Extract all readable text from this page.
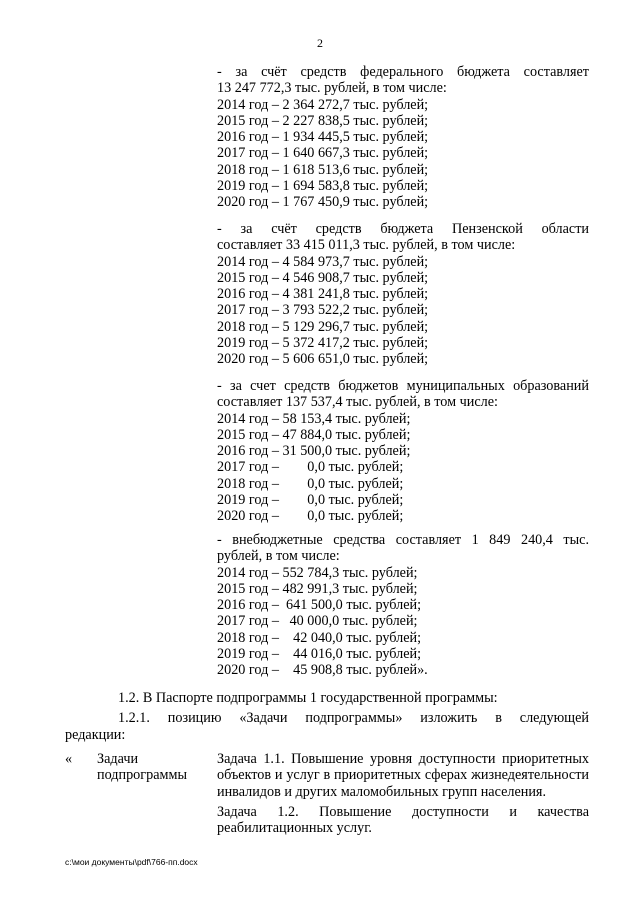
2
- за счёт средств федерального бюджета составляет
13 247 772,3 тыс. рублей, в том числе:
2014 год – 2 364 272,7 тыс. рублей;
2015 год – 2 227 838,5 тыс. рублей;
2016 год – 1 934 445,5 тыс. рублей;
2017 год – 1 640 667,3 тыс. рублей;
2018 год – 1 618 513,6 тыс. рублей;
2019 год – 1 694 583,8 тыс. рублей;
2020 год – 1 767 450,9 тыс. рублей;
- за счёт средств бюджета Пензенской области
составляет 33 415 011,3 тыс. рублей, в том числе:
2014 год – 4 584 973,7 тыс. рублей;
2015 год – 4 546 908,7 тыс. рублей;
2016 год – 4 381 241,8 тыс. рублей;
2017 год – 3 793 522,2 тыс. рублей;
2018 год – 5 129 296,7 тыс. рублей;
2019 год – 5 372 417,2 тыс. рублей;
2020 год – 5 606 651,0 тыс. рублей;
- за счет средств бюджетов муниципальных образований
составляет 137 537,4 тыс. рублей, в том числе:
2014 год – 58 153,4 тыс. рублей;
2015 год – 47 884,0 тыс. рублей;
2016 год – 31 500,0 тыс. рублей;
2017 год –        0,0 тыс. рублей;
2018 год –        0,0 тыс. рублей;
2019 год –        0,0 тыс. рублей;
2020 год –        0,0 тыс. рублей;
- внебюджетные средства составляет 1 849 240,4 тыс.
рублей, в том числе:
2014 год – 552 784,3 тыс. рублей;
2015 год – 482 991,3 тыс. рублей;
2016 год –  641 500,0 тыс. рублей;
2017 год –   40 000,0 тыс. рублей;
2018 год –    42 040,0 тыс. рублей;
2019 год –    44 016,0 тыс. рублей;
2020 год –    45 908,8 тыс. рублей».
1.2. В Паспорте подпрограммы 1 государственной программы:
1.2.1. позицию «Задачи подпрограммы» изложить в следующей
редакции:
« Задачи
подпрограммы

Задача 1.1. Повышение уровня доступности приоритетных объектов и услуг в приоритетных сферах жизнедеятельности инвалидов и других маломобильных групп населения.

Задача 1.2. Повышение доступности и качества реабилитационных услуг.

c:\мои документы\pdf\766-пп.docx
